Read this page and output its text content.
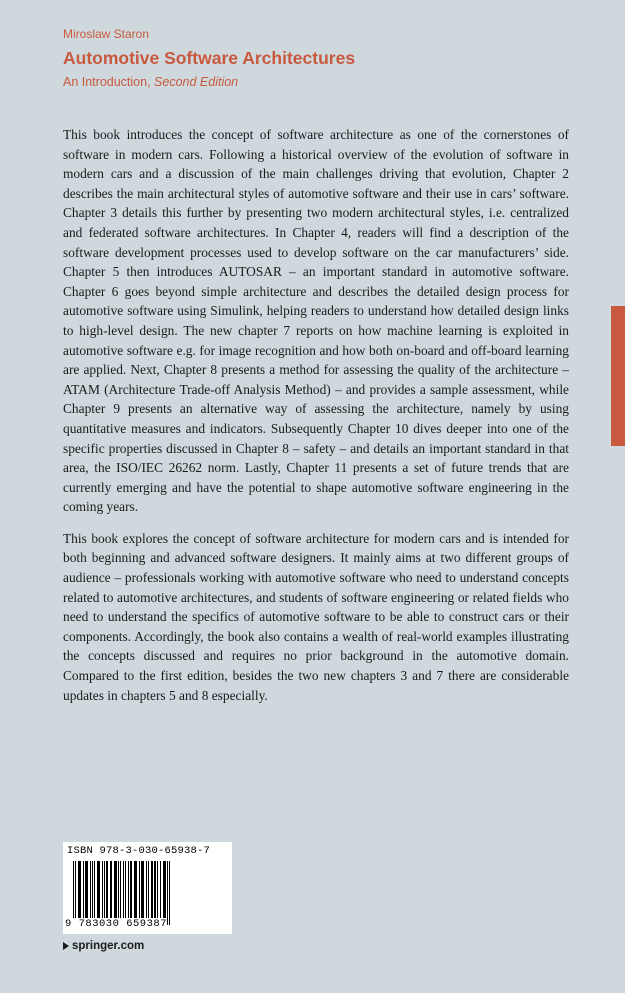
Miroslaw Staron
Automotive Software Architectures
An Introduction, Second Edition

This book introduces the concept of software architecture as one of the cornerstones of software in modern cars. Following a historical overview of the evolution of software in modern cars and a discussion of the main challenges driving that evolution, Chapter 2 describes the main architectural styles of automotive software and their use in cars’ software. Chapter 3 details this further by presenting two modern architectural styles, i.e. centralized and federated software architectures. In Chapter 4, readers will find a description of the software development processes used to develop software on the car manufacturers’ side. Chapter 5 then introduces AUTOSAR – an important standard in automotive software. Chapter 6 goes beyond simple architecture and describes the detailed design process for automotive software using Simulink, helping readers to understand how detailed design links to high-level design. The new chapter 7 reports on how machine learning is exploited in automotive software e.g. for image recognition and how both on-board and off-board learning are applied. Next, Chapter 8 presents a method for assessing the quality of the architecture – ATAM (Architecture Trade-off Analysis Method) – and provides a sample assessment, while Chapter 9 presents an alternative way of assessing the architecture, namely by using quantitative measures and indicators. Subsequently Chapter 10 dives deeper into one of the specific properties discussed in Chapter 8 – safety – and details an important standard in that area, the ISO/IEC 26262 norm. Lastly, Chapter 11 presents a set of future trends that are currently emerging and have the potential to shape automotive software engineering in the coming years.

This book explores the concept of software architecture for modern cars and is intended for both beginning and advanced software designers. It mainly aims at two different groups of audience – professionals working with automotive software who need to understand concepts related to automotive architectures, and students of software engineering or related fields who need to understand the specifics of automotive software to be able to construct cars or their components. Accordingly, the book also contains a wealth of real-world examples illustrating the concepts discussed and requires no prior background in the automotive domain. Compared to the first edition, besides the two new chapters 3 and 7 there are considerable updates in chapters 5 and 8 especially.

ISBN 978-3-030-65938-7
9 783030 659387
springer.com
